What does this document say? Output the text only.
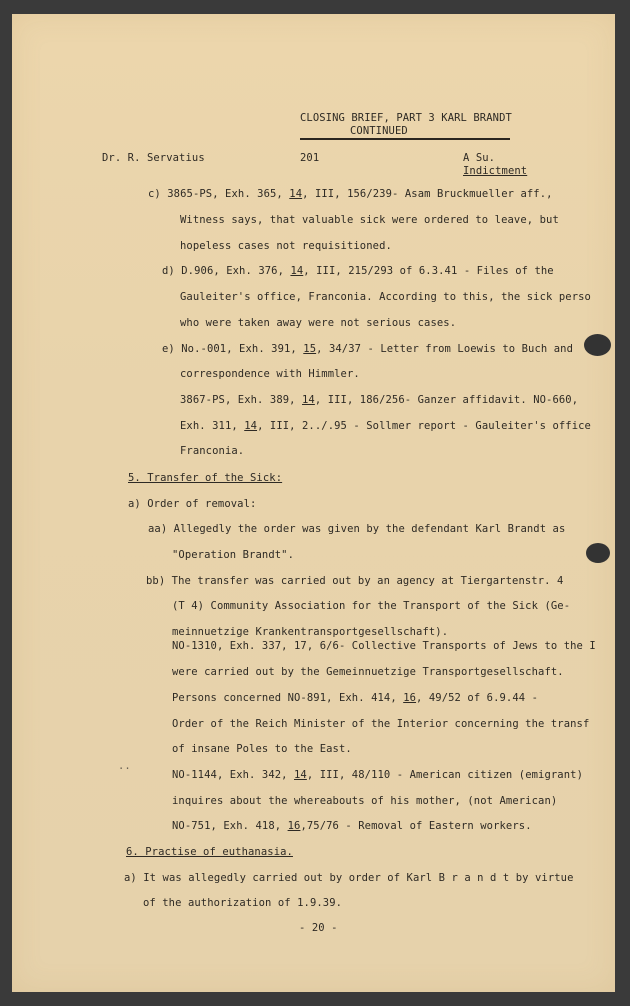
CLOSING BRIEF, PART 3 KARL BRANDT
CONTINUED
Dr. R. Servatius	201	A Su.
Indictment
c) 3865-PS, Exh. 365, 14, III, 156/239- Asam Bruckmueller aff.,
Witness says, that valuable sick were ordered to leave, but
hopeless cases not requisitioned.
d) D.906, Exh. 376, 14, III, 215/293 of 6.3.41 - Files of the
Gauleiter's office, Franconia. According to this, the sick perso
who were taken away were not serious cases.
e) No.-001, Exh. 391, 15, 34/37 - Letter from Loewis to Buch and
correspondence with Himmler.
3867-PS, Exh. 389, 14, III, 186/256- Ganzer affidavit. NO-660,
Exh. 311, 14, III, 2../.95 - Sollmer report - Gauleiter's office
Franconia.
5. Transfer of the Sick:
a) Order of removal:
aa) Allegedly the order was given by the defendant Karl Brandt as
"Operation Brandt".
bb) The transfer was carried out by an agency at Tiergartenstr. 4
(T 4) Community Association for the Transport of the Sick (Ge-
meinnuetzige Krankentransportgesellschaft).
NO-1310, Exh. 337, 17, 6/6- Collective Transports of Jews to the I
were carried out by the Gemeinnuetzige Transportgesellschaft.
Persons concerned NO-891, Exh. 414, 16, 49/52 of 6.9.44 -
Order of the Reich Minister of the Interior concerning the transf
of insane Poles to the East.
..
NO-1144, Exh. 342, 14, III, 48/110 - American citizen (emigrant)
inquires about the whereabouts of his mother, (not American)
NO-751, Exh. 418, 16,75/76 - Removal of Eastern workers.
6. Practise of euthanasia.
a) It was allegedly carried out by order of Karl B r a n d t by virtue
of the authorization of 1.9.39.
- 20 -
